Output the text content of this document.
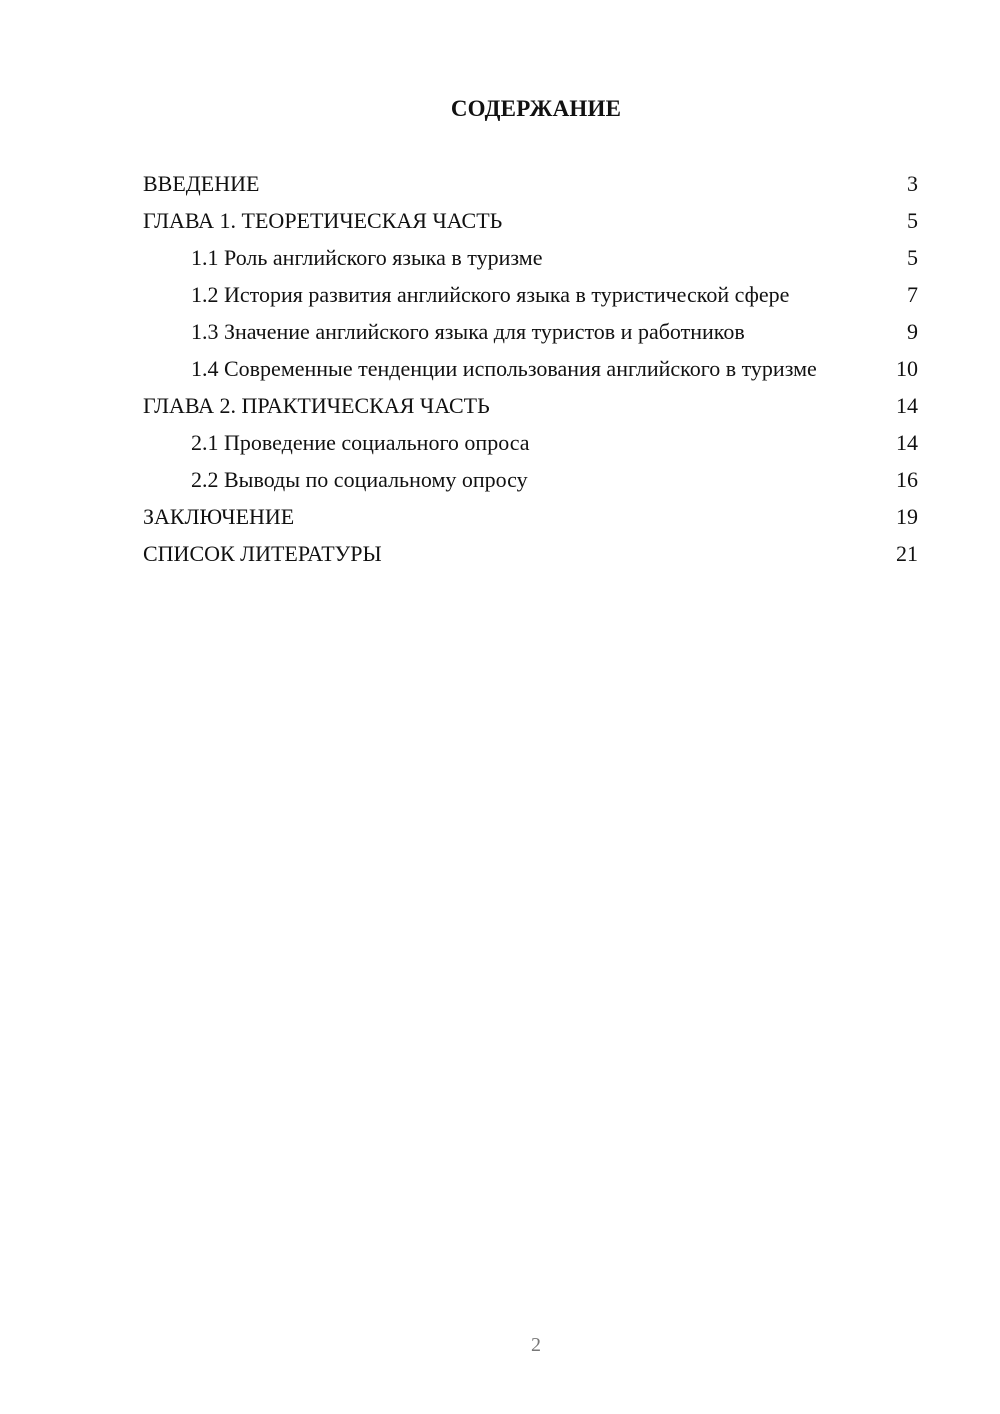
СОДЕРЖАНИЕ
ВВЕДЕНИЕ	3
ГЛАВА 1. ТЕОРЕТИЧЕСКАЯ ЧАСТЬ	5
1.1 Роль английского языка в туризме	5
1.2 История развития английского языка в туристической сфере	7
1.3 Значение английского языка для туристов и работников	9
1.4 Современные тенденции использования английского в туризме	10
ГЛАВА 2. ПРАКТИЧЕСКАЯ ЧАСТЬ	14
2.1 Проведение социального опроса	14
2.2 Выводы по социальному опросу	16
ЗАКЛЮЧЕНИЕ	19
СПИСОК ЛИТЕРАТУРЫ	21
2
